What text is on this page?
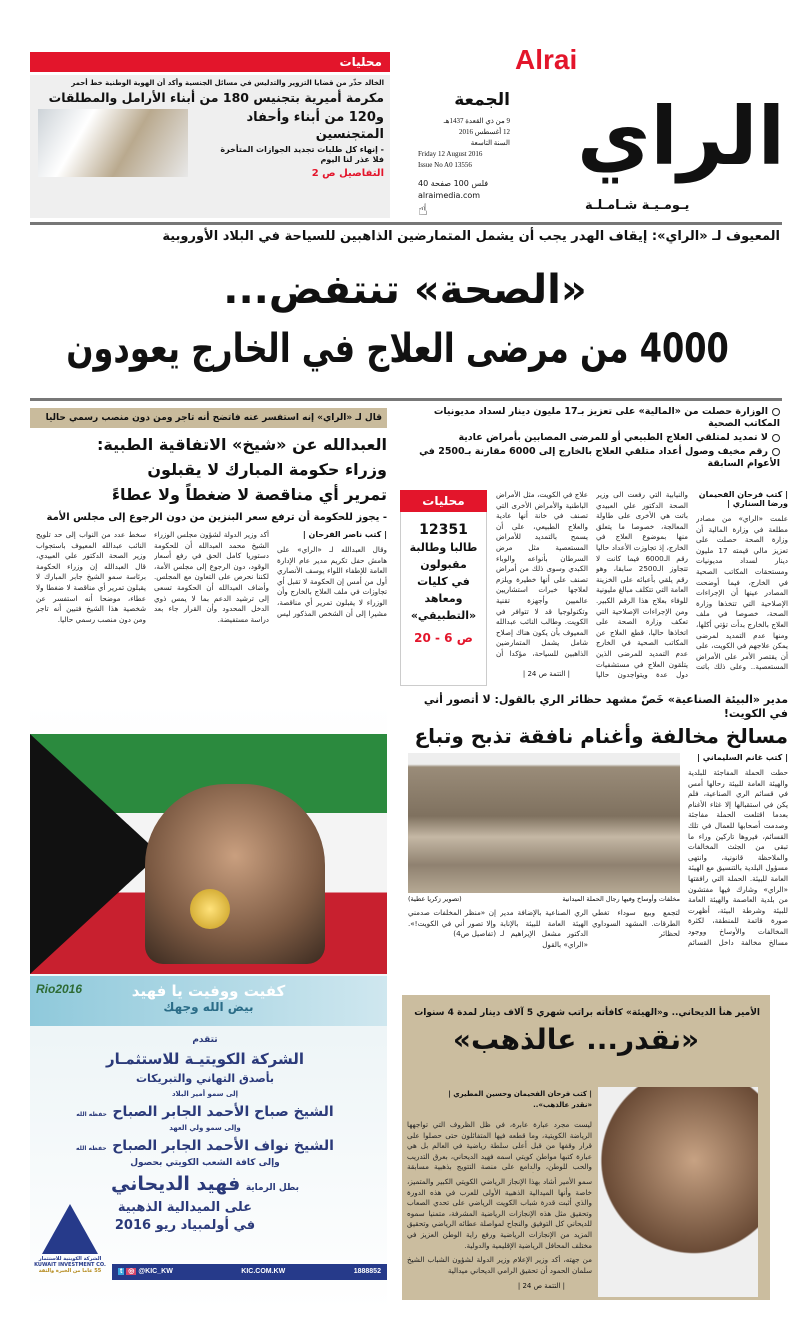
Alrai
الراي
يـومـيـة شـامـلـة
الجمعة
9 من ذي القعدة 1437هـ
12 أغسطس 2016
السنة التاسعة
Friday 12 August 2016
Issue No A0 13556
40 فلس 100 صفحة
alraimedia.com
☝
محليات
الخالد حذّر من قضايا التزوير والتدليس في مسائل الجنسية وأكد أن الهوية الوطنية خط أحمر
مكرمة أميرية بتجنيس 180 من أبناء الأرامل والمطلقات
و120 من أبناء وأحفاد المتجنسين
- إنهاء كل طلبات تجديد الجوازات المتأخرة
فلا عذر لنا اليوم
التفاصيل ص 2
المعيوف لـ «الراي»: إيقاف الهدر يجب أن يشمل المتمارضين الذاهبين للسياحة في البلاد الأوروبية
«الصحة» تنتفض...
4000 من مرضى العلاج في الخارج يعودون
الوزارة حصلت من «المالية» على تعزيز بـ17 مليون دينار لسداد مديونيات المكاتب الصحية
لا تمديد لمتلقي العلاج الطبيعي أو للمرضى المصابين بأمراض عادية
رقم مخيف وصول أعداد متلقي العلاج بالخارج إلى 6000 مقارنة بـ2500 في الأعوام السابقة
| كتب فرحان الفحيمان ورضا السناري |
علمت «الراي» من مصادر مطلعة في وزارة المالية أن وزارة الصحة حصلت على تعزيز مالي قيمته 17 مليون دينار لسداد مديونيات ومستحقات المكاتب الصحية في الخارج، فيما أوضحت المصادر عينها أن الإجراءات الإصلاحية التي تتخذها وزارة الصحة، خصوصا في ملف العلاج بالخارج بدأت تؤتي أكلها، ومنها عدم التمديد لمرضى يمكن علاجهم في الكويت، على أن يقتصر الأمر على الأمراض المستعصية.. وعلى ذلك باتت
والنيابية التي رفعت الى وزير الصحة الدكتور علي العبيدي باتت هي الأخرى على طاولة المعالجة، خصوصا ما يتعلق منها بموضوع العلاج في الخارج، إذ تجاوزت الأعداد حاليا رقم الـ6000 فيما كانت لا تتجاوز الـ2500 سابقا، وهو رقم يلقي بأعبائه على الخزينة العامة التي تتكلف مبالغ مليونية للوفاء بعلاج هذا الرقم الكبير. ومن الإجراءات الإصلاحية التي تعكف وزارة الصحة على اتخاذها حاليا، قطع العلاج عن المكاتب الصحية في الخارج عدم التمديد للمرضى الذين يتلقون العلاج في مستشفيات دول عدة ويتواجدون حاليا
علاج في الكويت، مثل الأمراض الباطنية والأمراض الأخرى التي تصنف في خانة أنها عادية والعلاج الطبيعي، على أن يسمح بالتمديد للأمراض المستعصية مثل مرض السرطان بأنواعه والوباء الكبدي وسوى ذلك من أمراض تصنف على أنها خطيرة ويلزم لعلاجها خبرات استشاريين عالميين وأجهزة تقنية وتكنولوجيا قد لا تتوافر في الكويت. وطالب النائب عبدالله المعيوف بأن يكون هناك إصلاح شامل يشمل المتمارضين الذاهبين للسياحة، مؤكدا أن
| التتمة ص 24 |
محليات
12351
طالبا وطالبة
مقبولون
في كليات
ومعاهد
«التطبيقي»
ص 6 - 20
قال لـ «الراي» إنه استفسر عنه فاتضح أنه تاجر ومن دون منصب رسمي حاليا
العبدالله عن «شيخ» الاتفاقية الطبية:
وزراء حكومة المبارك لا يقبلون
تمرير أي مناقصة لا ضغطاً ولا عطاءً
- يجوز للحكومة أن ترفع سعر البنزين من دون الرجوع إلى مجلس الأمة
| كتب ناصر الفرحان |
وقال العبدالله لـ «الراي» على هامش حفل تكريم مدير عام الإدارة العامة للإطفاء اللواء يوسف الأنصاري أول من أمس إن الحكومة لا تقبل أي تجاوزات في ملف العلاج بالخارج وأن الوزراء لا يقبلون تمرير أي مناقصة، مشيرا إلى أن الشخص المذكور ليس
أكد وزير الدولة لشؤون مجلس الوزراء الشيخ محمد العبدالله أن للحكومة دستوريا كامل الحق في رفع أسعار الوقود، دون الرجوع إلى مجلس الأمة، لكننا نحرص على التعاون مع المجلس. وأضاف العبدالله أن الحكومة تسعى إلى ترشيد الدعم بما لا يمس ذوي الدخل المحدود وأن القرار جاء بعد دراسة مستفيضة.
سخط عدد من النواب إلى حد تلويح النائب عبدالله المعيوف باستجواب وزير الصحة الدكتور علي العبيدي، قال العبدالله إن وزراء الحكومة برئاسة سمو الشيخ جابر المبارك لا يقبلون تمرير أي مناقصة لا ضغطا ولا عطاء، موضحا أنه استفسر عن شخصية هذا الشيخ فتبين أنه تاجر ومن دون منصب رسمي حاليا.
مدير «البيئة الصناعية» خَصّ مشهد حظائر الري بالقول: لا أتصور أني في الكويت!
مسالخ مخالفة وأغنام نافقة تذبح وتباع
| كتب غانم السليماني |
حطت الحملة المفاجئة للبلدية والهيئة العامة للبيئة رحالها أمس في قسائم الري الصناعية، فلم يكن في استقبالها إلا غثاء الأغنام بعدما اقتلعت الحملة مفاجئة وصدمت أصحابها للعمال في تلك القسائم، فيروها تاركين وراء ما تبقى من الجثث المخالفات والملاحظة قانونية، وانتهى مسؤول البلدية بالتنسيق مع الهيئة العامة للبيئة. الحملة التي رافقتها «الراي» وشارك فيها مفتشون من بلدية العاصمة والهيئة العامة للبيئة وشرطة البيئة، أظهرت صورة قاتمة للمنطقة، لكثرة المخالفات والأوساخ ووجود مسالخ مخالفة داخل القسائم
مخلفات وأوساخ وفيها رجال الحملة الميدانية
(تصوير زكريا عطية)
لتجمع وبيع سوداء تغطي الطرقات. المشهد السوداوي لحظائر
الري الصناعية بالإضافة مدير الهيئة العامة للبيئة بالإنابة الدكتور مشعل الإبراهيم لـ «الراي» بالقول
إن «منظر المخلفات صدمني وإلا تصور أني في الكويت!». (تفاصيل ص4)
كفيت ووفيت يا فهيد
بيض الله وجهك
Rio2016
تتقدم
الشركة الكويتيـة للاستثمـار
بأصدق التهاني والتبريكات
إلى سمو أمير البلاد
الشيخ صباح الأحمد الجابر الصباح حفظه الله
وإلى سمو ولي العهد
الشيخ نواف الأحمد الجابر الصباح حفظه الله
وإلى كافة الشعب الكويتي بحصول
بطل الرماية فهيد الديحاني
على الميدالية الذهبية
في أولمبياد ريو 2016
الشركة الكويتية للاستثمار
KUWAIT INVESTMENT CO.
55 عاما من الخبرة والثقة	t ◎ @KIC_KW	KIC.COM.KW	1888852
الأمير هنأ الديحاني.. و«الهيئة» كافأته براتب شهري 5 آلاف دينار لمدة 4 سنوات
«نقدر... عالذهب»
| كتب فرحان الفحيمان وحسين المطيري |
«نقدر عالذهب»..
ليست مجرد عبارة عابرة، في ظل الظروف التي تواجهها الرياضة الكويتية، وما قطعه فيها المتفائلون حتى حصلوا على قرار وقفها من قبل أعلى سلطة رياضية في العالم بل هي عبارة كتبها مواطن كويتي اسمه فهيد الديحاني، بعرق التدريب والحب للوطن، والدامع على منصة التتويج بذهبية مسابقة
سمو الأمير أشاد بهذا الإنجاز الرياضي الكويتي الكبير والمتميز، خاصة وأنها الميدالية الذهبية الأولى للعرب في هذه الدورة والذي أثبت قدرة شباب الكويت الرياضي على تحدي الصعاب وتحقيق مثل هذه الإنجازات الرياضية المشرفة، متمنيا سموه للديحاني كل التوفيق والنجاح لمواصلة عطائه الرياضي وتحقيق المزيد من الإنجازات الرياضية ورفع راية الوطن العزيز في مختلف المحافل الرياضية الإقليمية والدولية.
من جهته، أكد وزير الإعلام وزير الدولة لشؤون الشباب الشيخ سلمان الحمود أن تحقيق الرامي الديحاني ميدالية
| التتمة ص 24 |
